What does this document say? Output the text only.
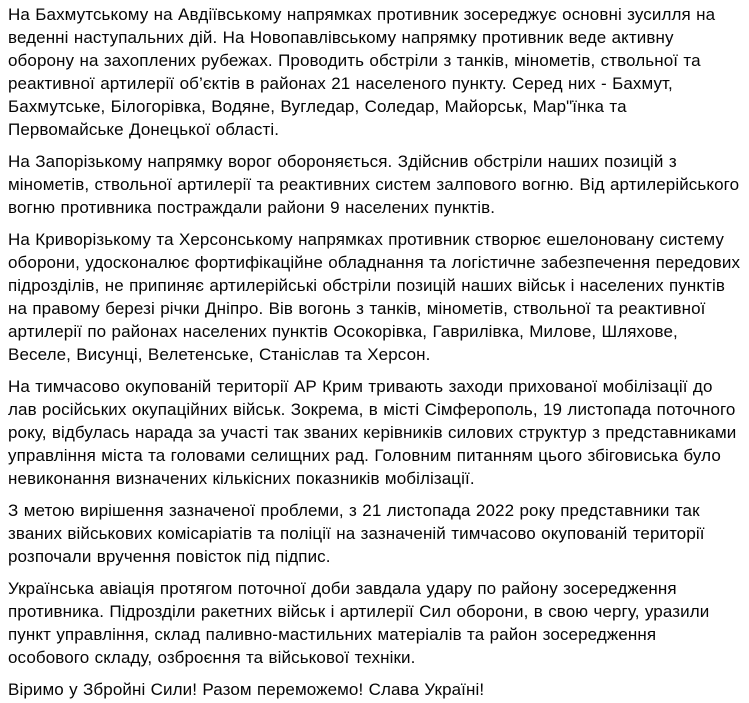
На Бахмутському на Авдіївському напрямках противник зосереджує основні зусилля на веденні наступальних дій. На Новопавлівському напрямку противник веде активну оборону на захоплених рубежах. Проводить обстріли з танків, мінометів, ствольної та реактивної артилерії об’єктів в районах 21 населеного пункту. Серед них - Бахмут, Бахмутське, Білогорівка, Водяне, Вугледар, Соледар, Майорськ, Мар"їнка та Первомайське Донецької області.

На Запорізькому напрямку ворог обороняється. Здійснив обстріли наших позицій з мінометів, ствольної артилерії та реактивних систем залпового вогню. Від артилерійського вогню противника постраждали райони 9 населених пунктів.

На Криворізькому та Херсонському напрямках противник створює ешелоновану систему оборони, удосконалює фортифікаційне обладнання та логістичне забезпечення передових підрозділів, не припиняє артилерійські обстріли позицій наших військ і населених пунктів на правому березі річки Дніпро. Вів вогонь з танків, мінометів, ствольної та реактивної артилерії по районах населених пунктів Осокорівка, Гаврилівка, Милове, Шляхове, Веселе, Висунці, Велетенське, Станіслав та Херсон.

На тимчасово окупованій території АР Крим тривають заходи прихованої мобілізації до лав російських окупаційних військ. Зокрема, в місті Сімферополь, 19 листопада поточного року, відбулась нарада за участі так званих керівників силових структур з представниками управління міста та головами селищних рад. Головним питанням цього збіговиська було невиконання визначених кількісних показників мобілізації.

З метою вирішення зазначеної проблеми, з 21 листопада 2022 року представники так званих військових комісаріатів та поліції на зазначеній тимчасово окупованій території розпочали вручення повісток під підпис.

Українська авіація протягом поточної доби завдала удару по району зосередження противника. Підрозділи ракетних військ і артилерії Сил оборони, в свою чергу, уразили пункт управління, склад паливно-мастильних матеріалів та район зосередження особового складу, озброєння та військової техніки.

Віримо у Збройні Сили! Разом переможемо! Слава Україні!
